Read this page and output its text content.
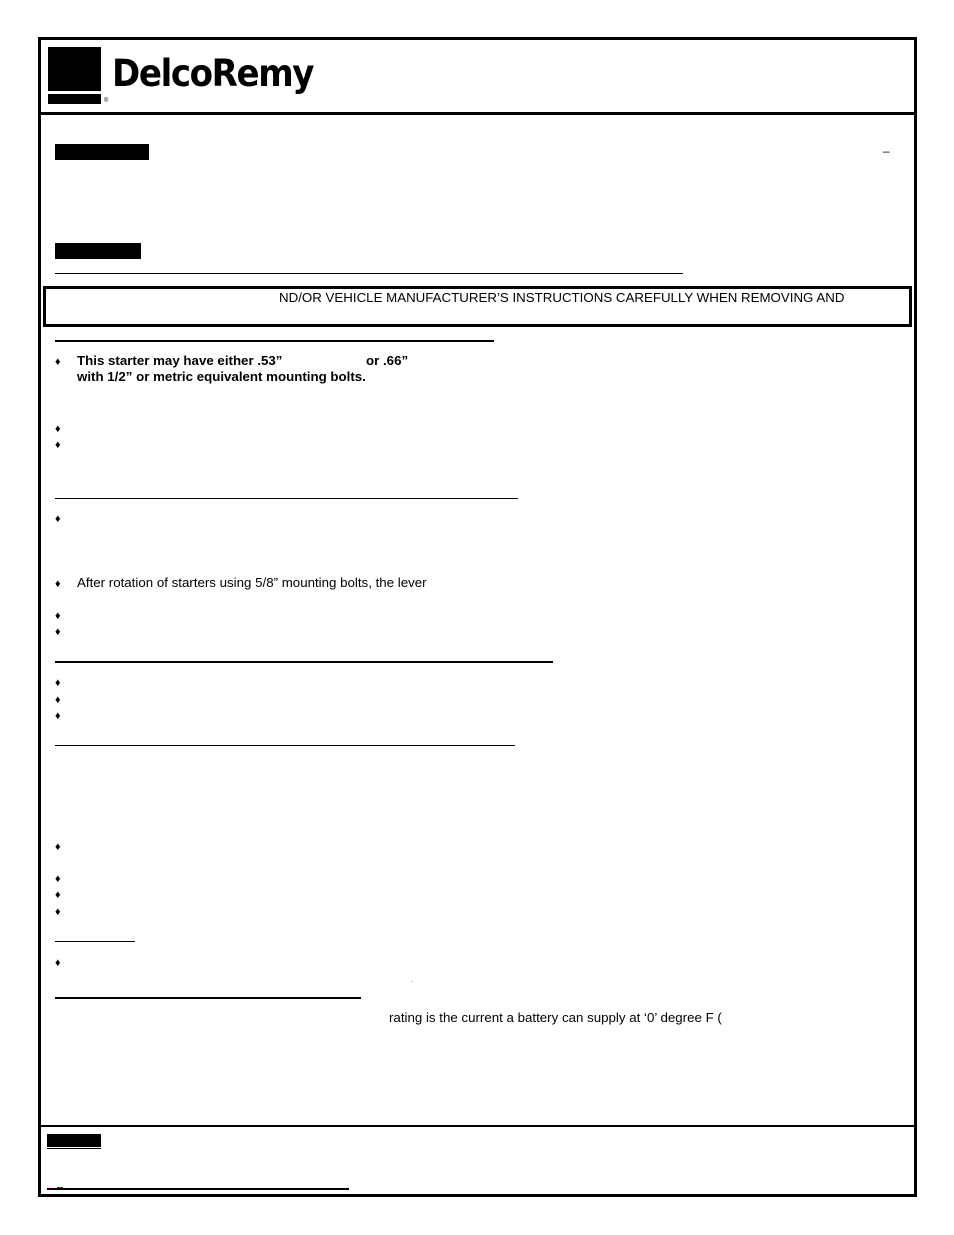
DelcoRemy
®
–
ND/OR VEHICLE MANUFACTURER’S INSTRUCTIONS CAREFULLY WHEN REMOVING AND
♦ This starter may have either .53”	or .66”
with 1/2” or metric equivalent mounting bolts.
♦
♦
♦
♦ After rotation of starters using 5/8” mounting bolts, the lever
♦
♦
♦
♦
♦
♦
♦
♦
♦
♦
.
rating is the current a battery can supply at ‘0’ degree F (
